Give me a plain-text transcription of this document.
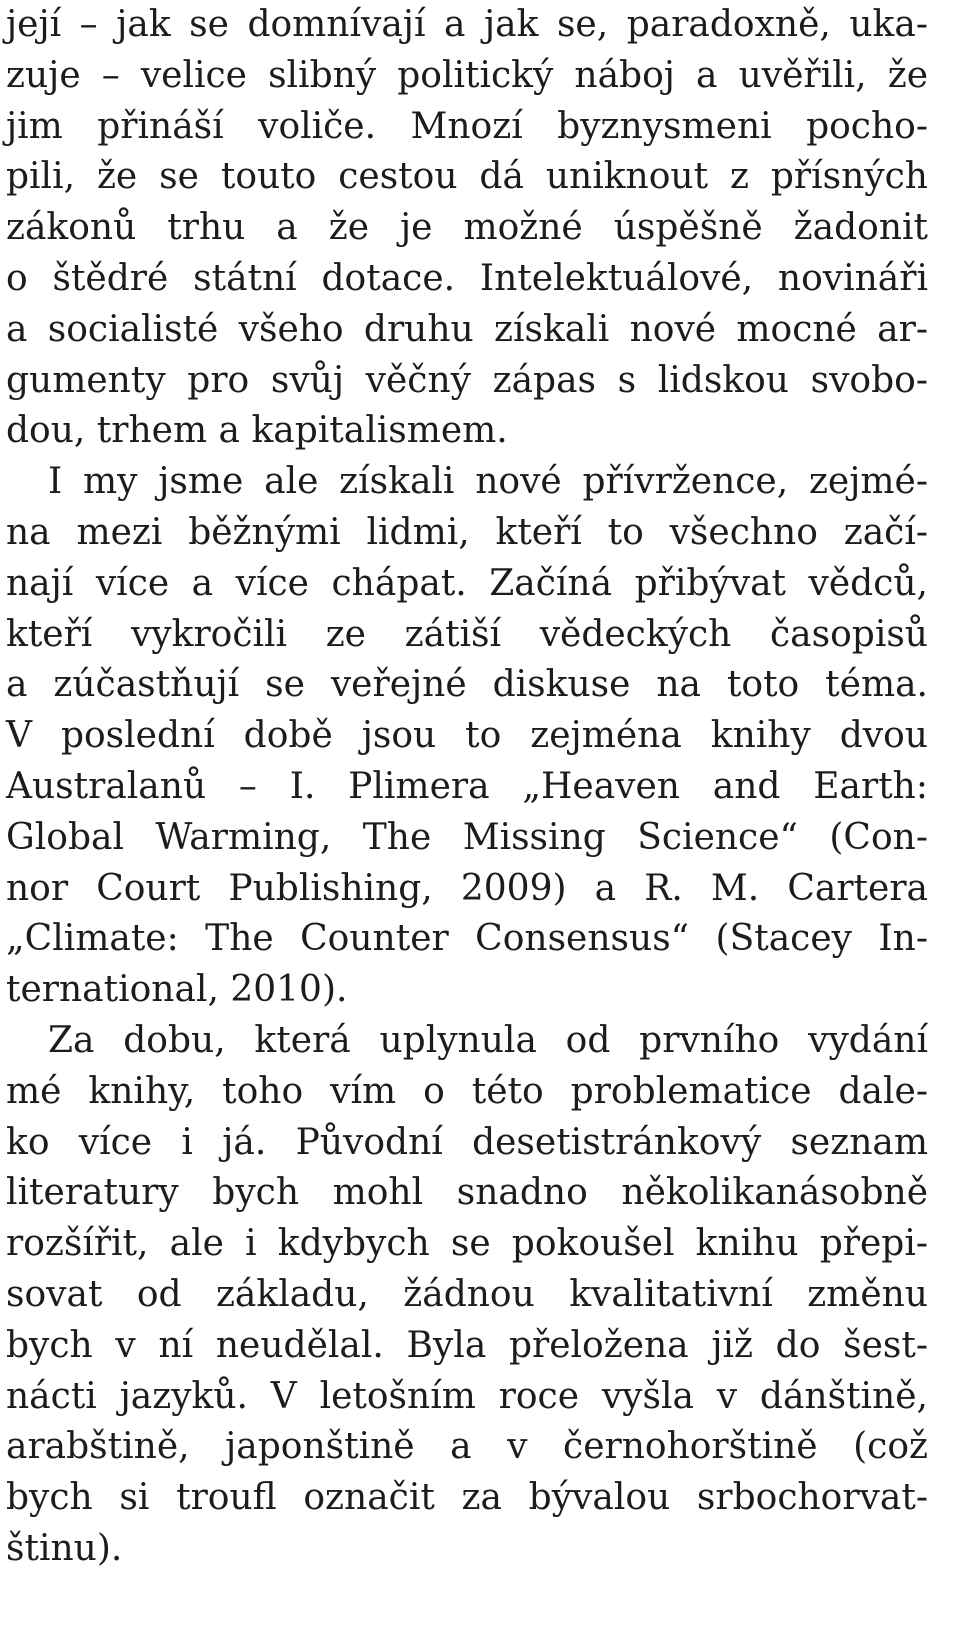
její – jak se domnívají a jak se, paradoxně, uka-
zuje – velice slibný politický náboj a uvěřili, že
jim přináší voliče. Mnozí byznysmeni pocho-
pili, že se touto cestou dá uniknout z přísných
zákonů trhu a že je možné úspěšně žadonit
o štědré státní dotace. Intelektuálové, novináři
a socialisté všeho druhu získali nové mocné ar-
gumenty pro svůj věčný zápas s lidskou svobo-
dou, trhem a kapitalismem.
I my jsme ale získali nové přívržence, zejmé-
na mezi běžnými lidmi, kteří to všechno začí-
nají více a více chápat. Začíná přibývat vědců,
kteří vykročili ze zátiší vědeckých časopisů
a zúčastňují se veřejné diskuse na toto téma.
V poslední době jsou to zejména knihy dvou
Australanů – I. Plimera „Heaven and Earth:
Global Warming, The Missing Science“ (Con-
nor Court Publishing, 2009) a R. M. Cartera
„Climate: The Counter Consensus“ (Stacey In-
ternational, 2010).
Za dobu, která uplynula od prvního vydání
mé knihy, toho vím o této problematice dale-
ko více i já. Původní desetistránkový seznam
literatury bych mohl snadno několikanásobně
rozšířit, ale i kdybych se pokoušel knihu přepi-
sovat od základu, žádnou kvalitativní změnu
bych v ní neudělal. Byla přeložena již do šest-
nácti jazyků. V letošním roce vyšla v dánštině,
arabštině, japonštině a v černohorštině (což
bych si troufl označit za bývalou srbochorvat-
štinu).
